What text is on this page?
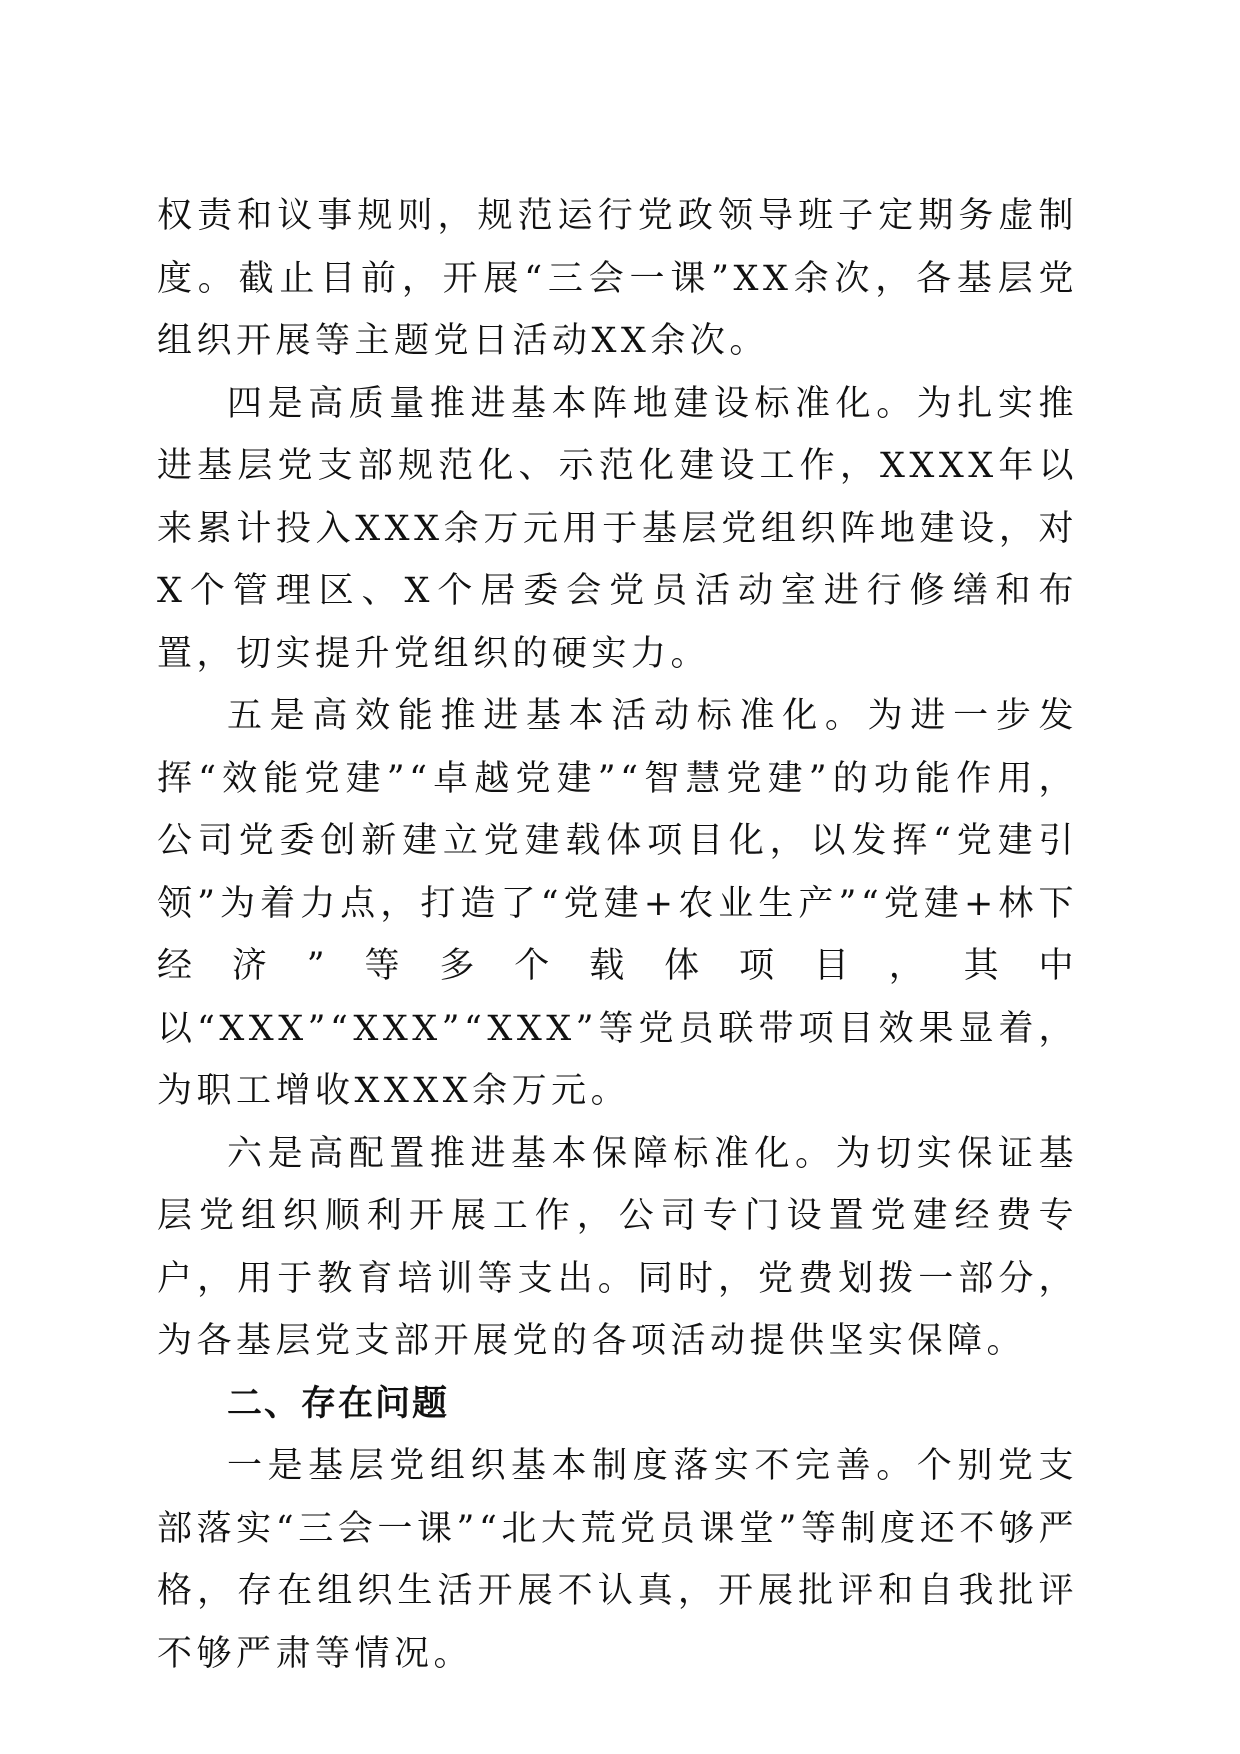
权责和议事规则，规范运行党政领导班子定期务虚制度。截止目前，开展“三会一课”XX余次，各基层党组织开展等主题党日活动XX余次。

四是高质量推进基本阵地建设标准化。为扎实推进基层党支部规范化、示范化建设工作，XXXX年以来累计投入XXX余万元用于基层党组织阵地建设，对X个管理区、X个居委会党员活动室进行修缮和布置，切实提升党组织的硬实力。

五是高效能推进基本活动标准化。为进一步发挥“效能党建”“卓越党建”“智慧党建”的功能作用，公司党委创新建立党建载体项目化，以发挥“党建引领”为着力点，打造了“党建+农业生产”“党建+林下经济”等多个载体项目，其中以“XXX”“XXX”“XXX”等党员联带项目效果显着，为职工增收XXXX余万元。

六是高配置推进基本保障标准化。为切实保证基层党组织顺利开展工作，公司专门设置党建经费专户，用于教育培训等支出。同时，党费划拨一部分，为各基层党支部开展党的各项活动提供坚实保障。

二、存在问题

一是基层党组织基本制度落实不完善。个别党支部落实“三会一课”“北大荒党员课堂”等制度还不够严格，存在组织生活开展不认真，开展批评和自我批评不够严肃等情况。
